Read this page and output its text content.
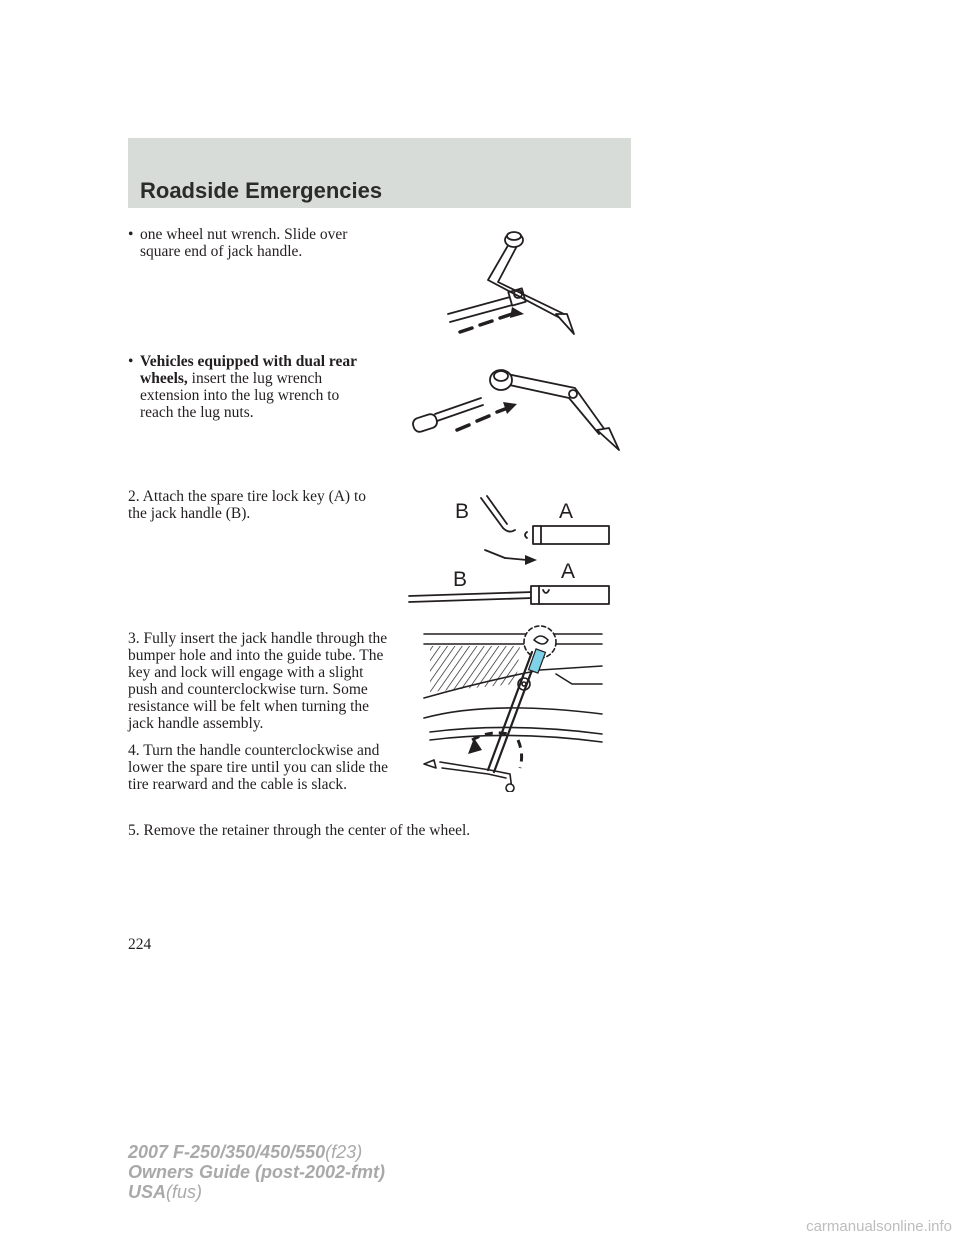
Roadside Emergencies
• one wheel nut wrench. Slide over square end of jack handle.
• Vehicles equipped with dual rear wheels, insert the lug wrench extension into the lug wrench to reach the lug nuts.

2. Attach the spare tire lock key (A) to the jack handle (B).

3. Fully insert the jack handle through the bumper hole and into the guide tube. The key and lock will engage with a slight push and counterclockwise turn. Some resistance will be felt when turning the jack handle assembly.

4. Turn the handle counterclockwise and lower the spare tire until you can slide the tire rearward and the cable is slack.

5. Remove the retainer through the center of the wheel.

B	A
B	A
224
2007 F-250/350/450/550(f23)
Owners Guide (post-2002-fmt)
USA(fus)
carmanualsonline.info
